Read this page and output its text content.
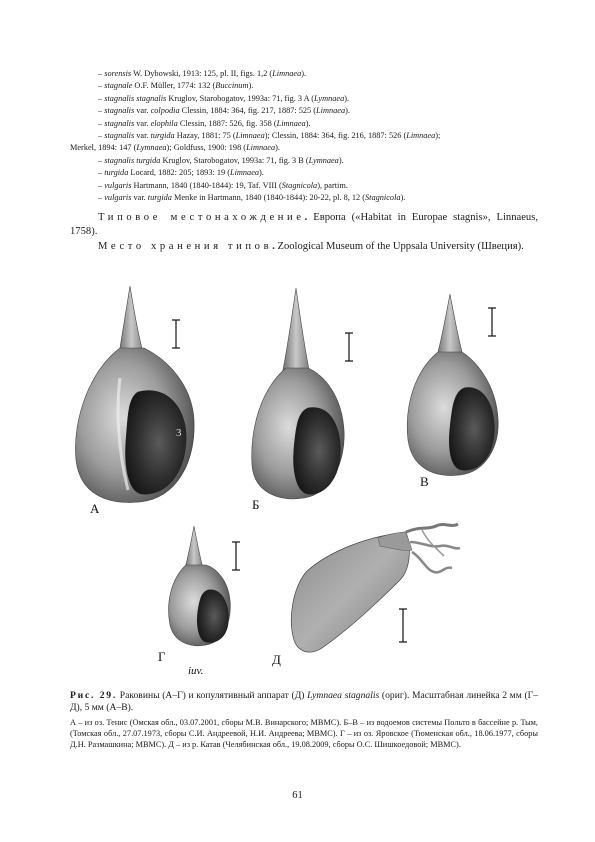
– sorensis W. Dybowski, 1913: 125, pl. II, figs. 1,2 (Limnaea).

– stagnale O.F. Müller, 1774: 132 (Buccinum).

– stagnalis stagnalis Kruglov, Starobogatov, 1993a: 71, fig. 3 A (Lymnaea).

– stagnalis var. colpodia Clessin, 1884: 364, fig. 217, 1887: 525 (Limnaea).

– stagnalis var. elophila Clessin, 1887: 526, fig. 358 (Limnaea).

– stagnalis var. turgida Hazay, 1881: 75 (Limnaea); Clessin, 1884: 364, fig. 216, 1887: 526 (Limnaea);

Merkel, 1894: 147 (Lymnaea); Goldfuss, 1900: 198 (Limnaea).

– stagnalis turgida Kruglov, Starobogatov, 1993a: 71, fig. 3 B (Lymnaea).

– turgida Locard, 1882: 205; 1893: 19 (Limnaea).

– vulgaris Hartmann, 1840 (1840-1844): 19, Taf. VIII (Stagnicola), partim.

– vulgaris var. turgida Menke in Hartmann, 1840 (1840-1844): 20-22, pl. 8, 12 (Stagnicola).

Типовое местонахождение. Европа («Habitat in Europae stagnis», Linnaeus, 1758).

Место хранения типов. Zoological Museum of the Uppsala University (Швеция).

3
А	Б
В
Г
iuv.
Д
Рис. 29. Раковины (А–Г) и копулятивный аппарат (Д) Lymnaea stagnalis (ориг). Масштабная линейка 2 мм (Г–Д), 5 мм (А–В).
А – из оз. Тенис (Омская обл., 03.07.2001, сборы М.В. Винарского; МВМС). Б–В – из водоемов системы Польто в бассейне р. Тым, (Томская обл., 27.07.1973, сборы С.И. Андреевой, Н.И. Андреева; МВМС). Г – из оз. Яровское (Тюменская обл., 18.06.1977, сборы Д.Н. Размашкина; МВМС). Д – из р. Катав (Челябинская обл., 19.08.2009, сборы О.С. Шишкоедовой; МВМС).
61
